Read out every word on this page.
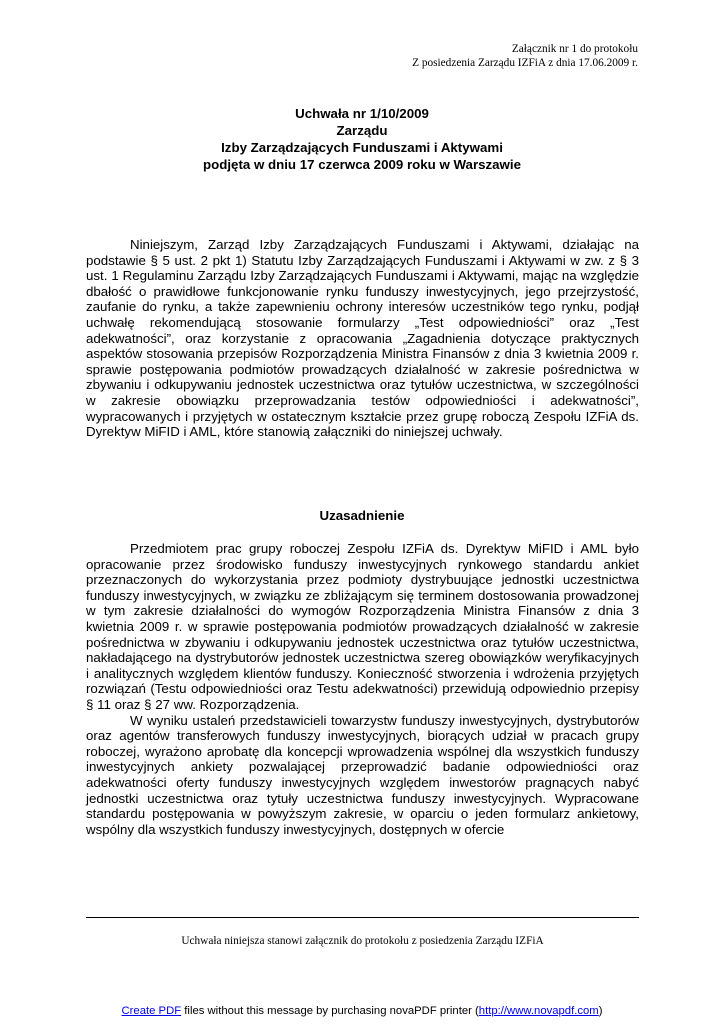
Załącznik nr 1 do protokołu
Z posiedzenia Zarządu IZFiA z dnia 17.06.2009 r.
Uchwała nr 1/10/2009
Zarządu
Izby Zarządzających Funduszami i Aktywami
podjęta w dniu 17 czerwca 2009 roku w Warszawie
Niniejszym, Zarząd Izby Zarządzających Funduszami i Aktywami, działając na podstawie § 5 ust. 2 pkt 1) Statutu Izby Zarządzających Funduszami i Aktywami w zw. z § 3 ust. 1 Regulaminu Zarządu Izby Zarządzających Funduszami i Aktywami, mając na względzie dbałość o prawidłowe funkcjonowanie rynku funduszy inwestycyjnych, jego przejrzystość, zaufanie do rynku, a także zapewnieniu ochrony interesów uczestników tego rynku, podjął uchwałę rekomendującą stosowanie formularzy „Test odpowiedniości” oraz „Test adekwatności”, oraz korzystanie z opracowania „Zagadnienia dotyczące praktycznych aspektów stosowania przepisów Rozporządzenia Ministra Finansów z dnia 3 kwietnia 2009 r. sprawie postępowania podmiotów prowadzących działalność w zakresie pośrednictwa w zbywaniu i odkupywaniu jednostek uczestnictwa oraz tytułów uczestnictwa, w szczególności w zakresie obowiązku przeprowadzania testów odpowiedniości i adekwatności”, wypracowanych i przyjętych w ostatecznym kształcie przez grupę roboczą Zespołu IZFiA ds. Dyrektyw MiFID i AML, które stanowią załączniki do niniejszej uchwały.
Uzasadnienie
Przedmiotem prac grupy roboczej Zespołu IZFiA ds. Dyrektyw MiFID i AML było opracowanie przez środowisko funduszy inwestycyjnych rynkowego standardu ankiet przeznaczonych do wykorzystania przez podmioty dystrybuujące jednostki uczestnictwa funduszy inwestycyjnych, w związku ze zbliżającym się terminem dostosowania prowadzonej w tym zakresie działalności do wymogów Rozporządzenia Ministra Finansów z dnia 3 kwietnia 2009 r. w sprawie postępowania podmiotów prowadzących działalność w zakresie pośrednictwa w zbywaniu i odkupywaniu jednostek uczestnictwa oraz tytułów uczestnictwa, nakładającego na dystrybutorów jednostek uczestnictwa szereg obowiązków weryfikacyjnych i analitycznych względem klientów funduszy. Konieczność stworzenia i wdrożenia przyjętych rozwiązań (Testu odpowiedniości oraz Testu adekwatności) przewidują odpowiednio przepisy § 11 oraz § 27 ww. Rozporządzenia.
W wyniku ustaleń przedstawicieli towarzystw funduszy inwestycyjnych, dystrybutorów oraz agentów transferowych funduszy inwestycyjnych, biorących udział w pracach grupy roboczej, wyrażono aprobatę dla koncepcji wprowadzenia wspólnej dla wszystkich funduszy inwestycyjnych ankiety pozwalającej przeprowadzić badanie odpowiedniości oraz adekwatności oferty funduszy inwestycyjnych względem inwestorów pragnących nabyć jednostki uczestnictwa oraz tytuły uczestnictwa funduszy inwestycyjnych. Wypracowane standardu postępowania w powyższym zakresie, w oparciu o jeden formularz ankietowy, wspólny dla wszystkich funduszy inwestycyjnych, dostępnych w ofercie
Uchwała niniejsza stanowi załącznik do protokołu z posiedzenia Zarządu IZFiA
Create PDF files without this message by purchasing novaPDF printer (http://www.novapdf.com)
